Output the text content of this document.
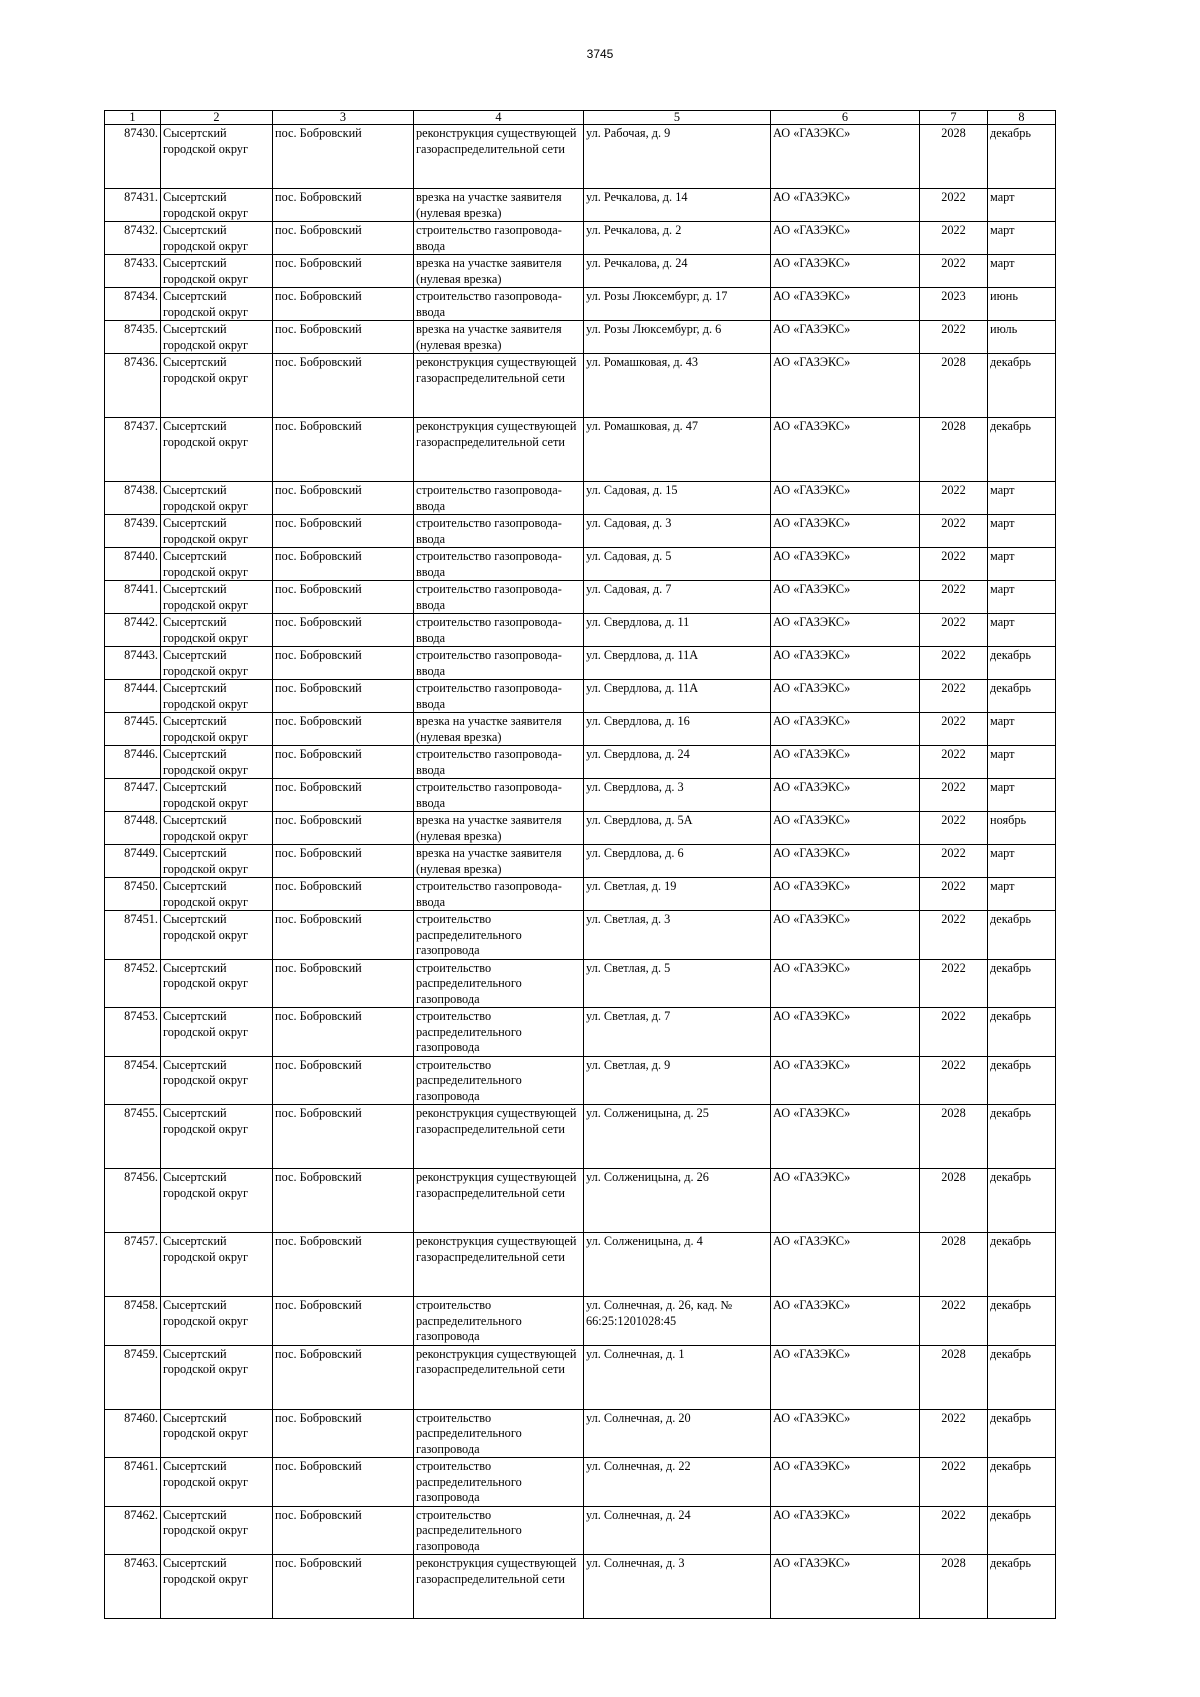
3745
1	2	3	4	5	6	7	8
87430.	Сысертский городской округ	пос. Бобровский	реконструкция существующей газораспределительной сети	ул. Рабочая, д. 9	АО «ГАЗЭКС»	2028	декабрь
87431.	Сысертский городской округ	пос. Бобровский	врезка на участке заявителя (нулевая врезка)	ул. Речкалова, д. 14	АО «ГАЗЭКС»	2022	март
87432.	Сысертский городской округ	пос. Бобровский	строительство газопровода-ввода	ул. Речкалова, д. 2	АО «ГАЗЭКС»	2022	март
87433.	Сысертский городской округ	пос. Бобровский	врезка на участке заявителя (нулевая врезка)	ул. Речкалова, д. 24	АО «ГАЗЭКС»	2022	март
87434.	Сысертский городской округ	пос. Бобровский	строительство газопровода-ввода	ул. Розы Люксембург, д. 17	АО «ГАЗЭКС»	2023	июнь
87435.	Сысертский городской округ	пос. Бобровский	врезка на участке заявителя (нулевая врезка)	ул. Розы Люксембург, д. 6	АО «ГАЗЭКС»	2022	июль
87436.	Сысертский городской округ	пос. Бобровский	реконструкция существующей газораспределительной сети	ул. Ромашковая, д. 43	АО «ГАЗЭКС»	2028	декабрь
87437.	Сысертский городской округ	пос. Бобровский	реконструкция существующей газораспределительной сети	ул. Ромашковая, д. 47	АО «ГАЗЭКС»	2028	декабрь
87438.	Сысертский городской округ	пос. Бобровский	строительство газопровода-ввода	ул. Садовая, д. 15	АО «ГАЗЭКС»	2022	март
87439.	Сысертский городской округ	пос. Бобровский	строительство газопровода-ввода	ул. Садовая, д. 3	АО «ГАЗЭКС»	2022	март
87440.	Сысертский городской округ	пос. Бобровский	строительство газопровода-ввода	ул. Садовая, д. 5	АО «ГАЗЭКС»	2022	март
87441.	Сысертский городской округ	пос. Бобровский	строительство газопровода-ввода	ул. Садовая, д. 7	АО «ГАЗЭКС»	2022	март
87442.	Сысертский городской округ	пос. Бобровский	строительство газопровода-ввода	ул. Свердлова, д. 11	АО «ГАЗЭКС»	2022	март
87443.	Сысертский городской округ	пос. Бобровский	строительство газопровода-ввода	ул. Свердлова, д. 11А	АО «ГАЗЭКС»	2022	декабрь
87444.	Сысертский городской округ	пос. Бобровский	строительство газопровода-ввода	ул. Свердлова, д. 11А	АО «ГАЗЭКС»	2022	декабрь
87445.	Сысертский городской округ	пос. Бобровский	врезка на участке заявителя (нулевая врезка)	ул. Свердлова, д. 16	АО «ГАЗЭКС»	2022	март
87446.	Сысертский городской округ	пос. Бобровский	строительство газопровода-ввода	ул. Свердлова, д. 24	АО «ГАЗЭКС»	2022	март
87447.	Сысертский городской округ	пос. Бобровский	строительство газопровода-ввода	ул. Свердлова, д. 3	АО «ГАЗЭКС»	2022	март
87448.	Сысертский городской округ	пос. Бобровский	врезка на участке заявителя (нулевая врезка)	ул. Свердлова, д. 5А	АО «ГАЗЭКС»	2022	ноябрь
87449.	Сысертский городской округ	пос. Бобровский	врезка на участке заявителя (нулевая врезка)	ул. Свердлова, д. 6	АО «ГАЗЭКС»	2022	март
87450.	Сысертский городской округ	пос. Бобровский	строительство газопровода-ввода	ул. Светлая, д. 19	АО «ГАЗЭКС»	2022	март
87451.	Сысертский городской округ	пос. Бобровский	строительство распределительного газопровода	ул. Светлая, д. 3	АО «ГАЗЭКС»	2022	декабрь
87452.	Сысертский городской округ	пос. Бобровский	строительство распределительного газопровода	ул. Светлая, д. 5	АО «ГАЗЭКС»	2022	декабрь
87453.	Сысертский городской округ	пос. Бобровский	строительство распределительного газопровода	ул. Светлая, д. 7	АО «ГАЗЭКС»	2022	декабрь
87454.	Сысертский городской округ	пос. Бобровский	строительство распределительного газопровода	ул. Светлая, д. 9	АО «ГАЗЭКС»	2022	декабрь
87455.	Сысертский городской округ	пос. Бобровский	реконструкция существующей газораспределительной сети	ул. Солженицына, д. 25	АО «ГАЗЭКС»	2028	декабрь
87456.	Сысертский городской округ	пос. Бобровский	реконструкция существующей газораспределительной сети	ул. Солженицына, д. 26	АО «ГАЗЭКС»	2028	декабрь
87457.	Сысертский городской округ	пос. Бобровский	реконструкция существующей газораспределительной сети	ул. Солженицына, д. 4	АО «ГАЗЭКС»	2028	декабрь
87458.	Сысертский городской округ	пос. Бобровский	строительство распределительного газопровода	ул. Солнечная, д. 26, кад. № 66:25:1201028:45	АО «ГАЗЭКС»	2022	декабрь
87459.	Сысертский городской округ	пос. Бобровский	реконструкция существующей газораспределительной сети	ул. Солнечная, д. 1	АО «ГАЗЭКС»	2028	декабрь
87460.	Сысертский городской округ	пос. Бобровский	строительство распределительного газопровода	ул. Солнечная, д. 20	АО «ГАЗЭКС»	2022	декабрь
87461.	Сысертский городской округ	пос. Бобровский	строительство распределительного газопровода	ул. Солнечная, д. 22	АО «ГАЗЭКС»	2022	декабрь
87462.	Сысертский городской округ	пос. Бобровский	строительство распределительного газопровода	ул. Солнечная, д. 24	АО «ГАЗЭКС»	2022	декабрь
87463.	Сысертский городской округ	пос. Бобровский	реконструкция существующей газораспределительной сети	ул. Солнечная, д. 3	АО «ГАЗЭКС»	2028	декабрь
